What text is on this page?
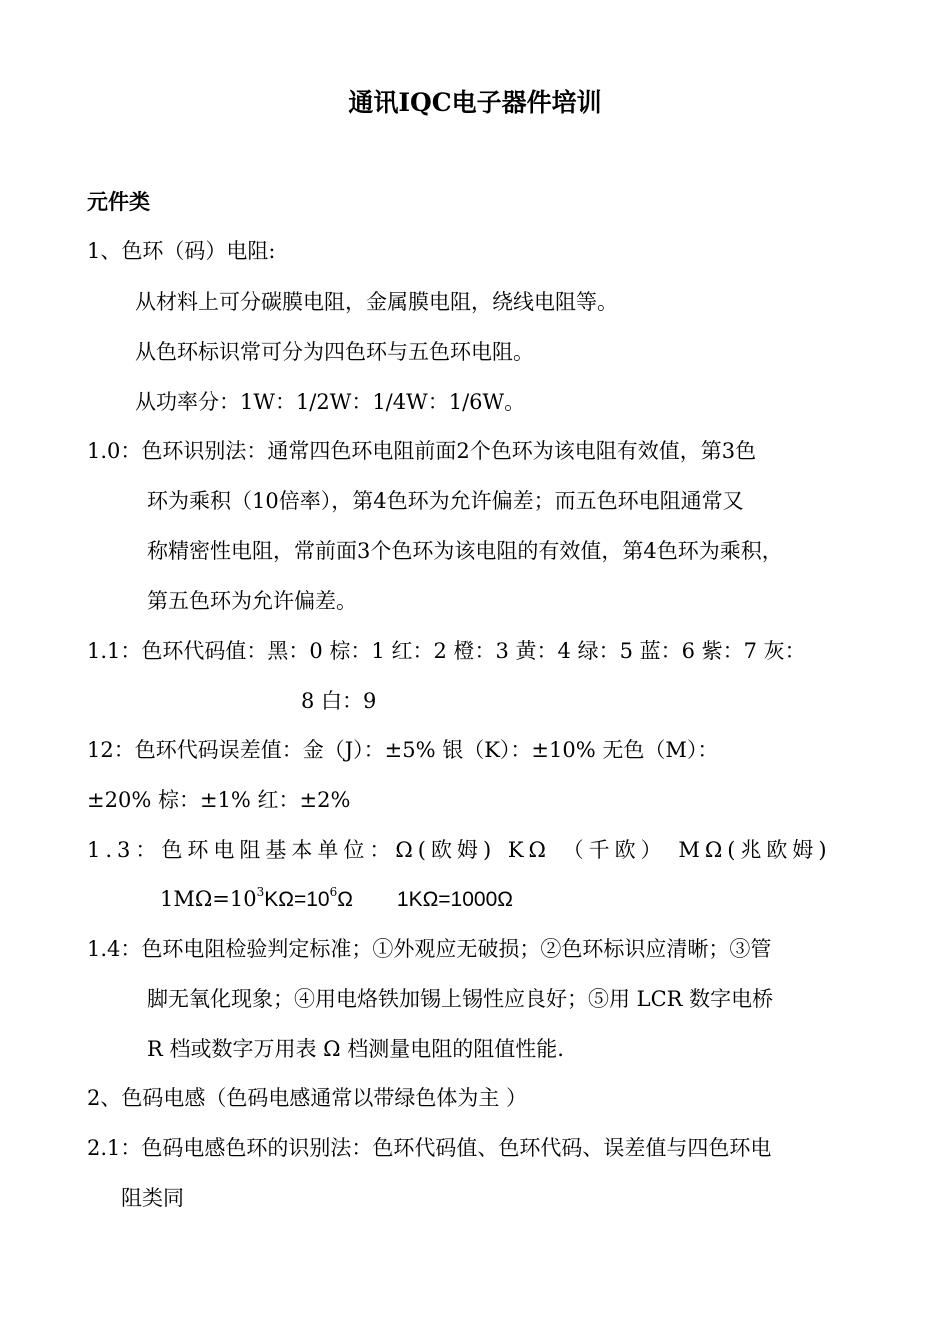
通讯IQC电子器件培训
元件类
1、色环（码）电阻:
从材料上可分碳膜电阻，金属膜电阻，绕线电阻等。
从色环标识常可分为四色环与五色环电阻。
从功率分：1W：1/2W：1/4W：1/6W。
1.0：色环识别法：通常四色环电阻前面2个色环为该电阻有效值，第3色
环为乘积（10倍率），第4色环为允许偏差；而五色环电阻通常又
称精密性电阻，常前面3个色环为该电阻的有效值，第4色环为乘积，
第五色环为允许偏差。
1.1：色环代码值：黑：0 棕：1 红：2 橙：3 黄：4 绿：5 蓝：6 紫：7 灰：
8 白：9
12：色环代码误差值：金（J）：±5% 银（K）：±10% 无色（M）：
±20% 棕：±1% 红：±2%
1.3：色环电阻基本单位：Ω(欧姆) KΩ （千欧） MΩ(兆欧姆)
$1M\Omega=10^3K\Omega=10^6\Omega$ 1KΩ=1000Ω
1.4：色环电阻检验判定标准；①外观应无破损；②色环标识应清晰；③管
脚无氧化现象；④用电烙铁加锡上锡性应良好；⑤用 LCR 数字电桥
R 档或数字万用表 Ω 档测量电阻的阻值性能.
2、色码电感（色码电感通常以带绿色体为主 ）
2.1：色码电感色环的识别法：色环代码值、色环代码、误差值与四色环电
阻类同
